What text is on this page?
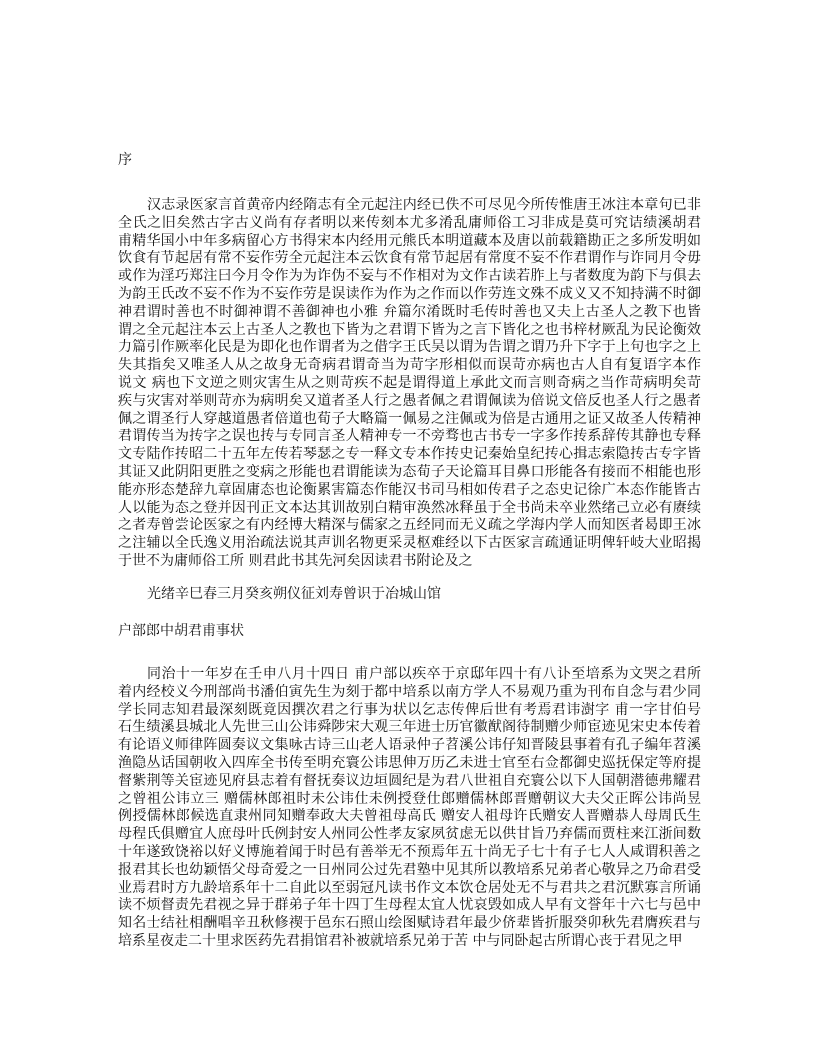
序
汉志录医家言首黄帝内经隋志有全元起注内经已佚不可尽见今所传惟唐王冰注本章句已非
全氏之旧矣然古字古义尚有存者明以来传刻本尤多淆乱庸师俗工习非成是莫可究诘绩溪胡君
甫精华国小中年多病留心方书得宋本内经用元熊氏本明道藏本及唐以前载籍勘正之多所发明如
饮食有节起居有常不妄作劳全元起注本云饮食有常节起居有常度不妄不作君谓作与诈同月令毋
或作为淫巧郑注曰今月令作为为诈伪不妄与不作相对为文作古读若胙上与者数度为韵下与俱去
为韵王氏改不妄不作为不妄作劳是误读作为作为之作而以作劳连文殊不成义又不知持满不时御
神君谓时善也不时御神谓不善御神也小雅 弁篇尔淆既时毛传时善也又夫上古圣人之教下也皆
谓之全元起注本云上古圣人之教也下皆为之君谓下皆为之言下皆化之也书梓材厥乱为民论衡效
力篇引作厥率化民是为即化也作谓者为之借字王氏吴以谓为告谓之谓乃升下字于上句也字之上
失其指矣又唯圣人从之故身无奇病君谓奇当为苛字形相似而误苛亦病也古人自有复语字本作
说文 病也下文逆之则灾害生从之则苛疾不起是谓得道上承此文而言则奇病之当作苛病明矣苛
疾与灾害对举则苛亦为病明矣又道者圣人行之愚者佩之君谓佩读为倍说文倍反也圣人行之愚者
佩之谓圣行人穿越道愚者倍道也荀子大略篇一佩易之注佩或为倍是古通用之证又故圣人传精神
君谓传当为抟字之误也抟与专同言圣人精神专一不旁骛也古书专一字多作抟系辞传其静也专释
文专陆作抟昭二十五年左传若琴瑟之专一释文专本作抟史记秦始皇纪抟心揖志索隐抟古专字皆
其证又此阴阳更胜之变病之形能也君谓能读为态荀子天论篇耳目鼻口形能各有接而不相能也形
能亦形态楚辞九章固庸态也论衡累害篇态作能汉书司马相如传君子之态史记徐广本态作能皆古
人以能为态之登并因刊正文本达其训故别白精审涣然冰释虽于全书尚未卒业然绪己立必有赓续
之者寿曾尝论医家之有内经博大精深与儒家之五经同而无义疏之学海内学人而知医者曷即王冰
之注辅以全氏逸义用治疏法说其声训名物更采灵枢难经以下古医家言疏通证明俾轩岐大业昭揭
于世不为庸师俗工所 则君此书其先河矣因读君书附论及之
光绪辛巳春三月癸亥朔仪征刘寿曾识于冶城山馆
户部郎中胡君甫事状
同治十一年岁在壬申八月十四日 甫户部以疾卒于京邸年四十有八讣至培系为文哭之君所
着内经校义今刑部尚书潘伯寅先生为刻于都中培系以南方学人不易观乃重为刊布自念与君少同
学长同志知君最深刻既竟因撰次君之行事为状以乞志传俾后世有考焉君讳澍字 甫一字甘伯号
石生绩溪县城北人先世三山公讳舜陟宋大观三年进士历官徽猷阁待制赠少师宦迹见宋史本传着
有论语义师律阵圆奏议文集咏古诗三山老人语录仲子苕溪公讳仔知晋陵县事着有孔子编年苕溪
渔隐丛话国朝收入四库全书传至明充寰公讳思伸万历乙未进士官至右佥都御史巡抚保定等府提
督紫荆等关宦迹见府县志着有督抚奏议边垣圆纪是为君八世祖自充寰公以下人国朝潜德弗耀君
之曾祖公讳立三 赠儒林郎祖时未公讳仕未例授登仕郎赠儒林郎晋赠朝议大夫父正晖公讳尚昱
例授儒林郎候选直隶州同知赠奉政大夫曾祖母高氏 赠安人祖母许氏赠安人晋赠恭人母周氏生
母程氏俱赠宜人庶母叶氏例封安人州同公性孝友家夙贫虑无以供甘旨乃弃儒而贾柱来江浙间数
十年遂致饶裕以好义博施着闻于时邑有善举无不预焉年五十尚无子七十有子七人人咸谓积善之
报君其长也幼颖悟父母奇爱之一日州同公过先君塾中见其所以教培系兄弟者心敬异之乃命君受
业焉君时方九龄培系年十二自此以至弱冠凡读书作文本饮仓居处无不与君共之君沉默寡言所诵
读不烦督责先君视之异于群弟子年十四丁生母程太宜人忧哀毁如成人早有文誉年十六七与邑中
知名士结社相酬唱辛丑秋修禊于邑东石照山绘图赋诗君年最少侪辈皆折服癸卯秋先君膺疾君与
培系星夜走二十里求医药先君捐馆君补被就培系兄弟于苦 中与同卧起古所谓心丧于君见之甲
